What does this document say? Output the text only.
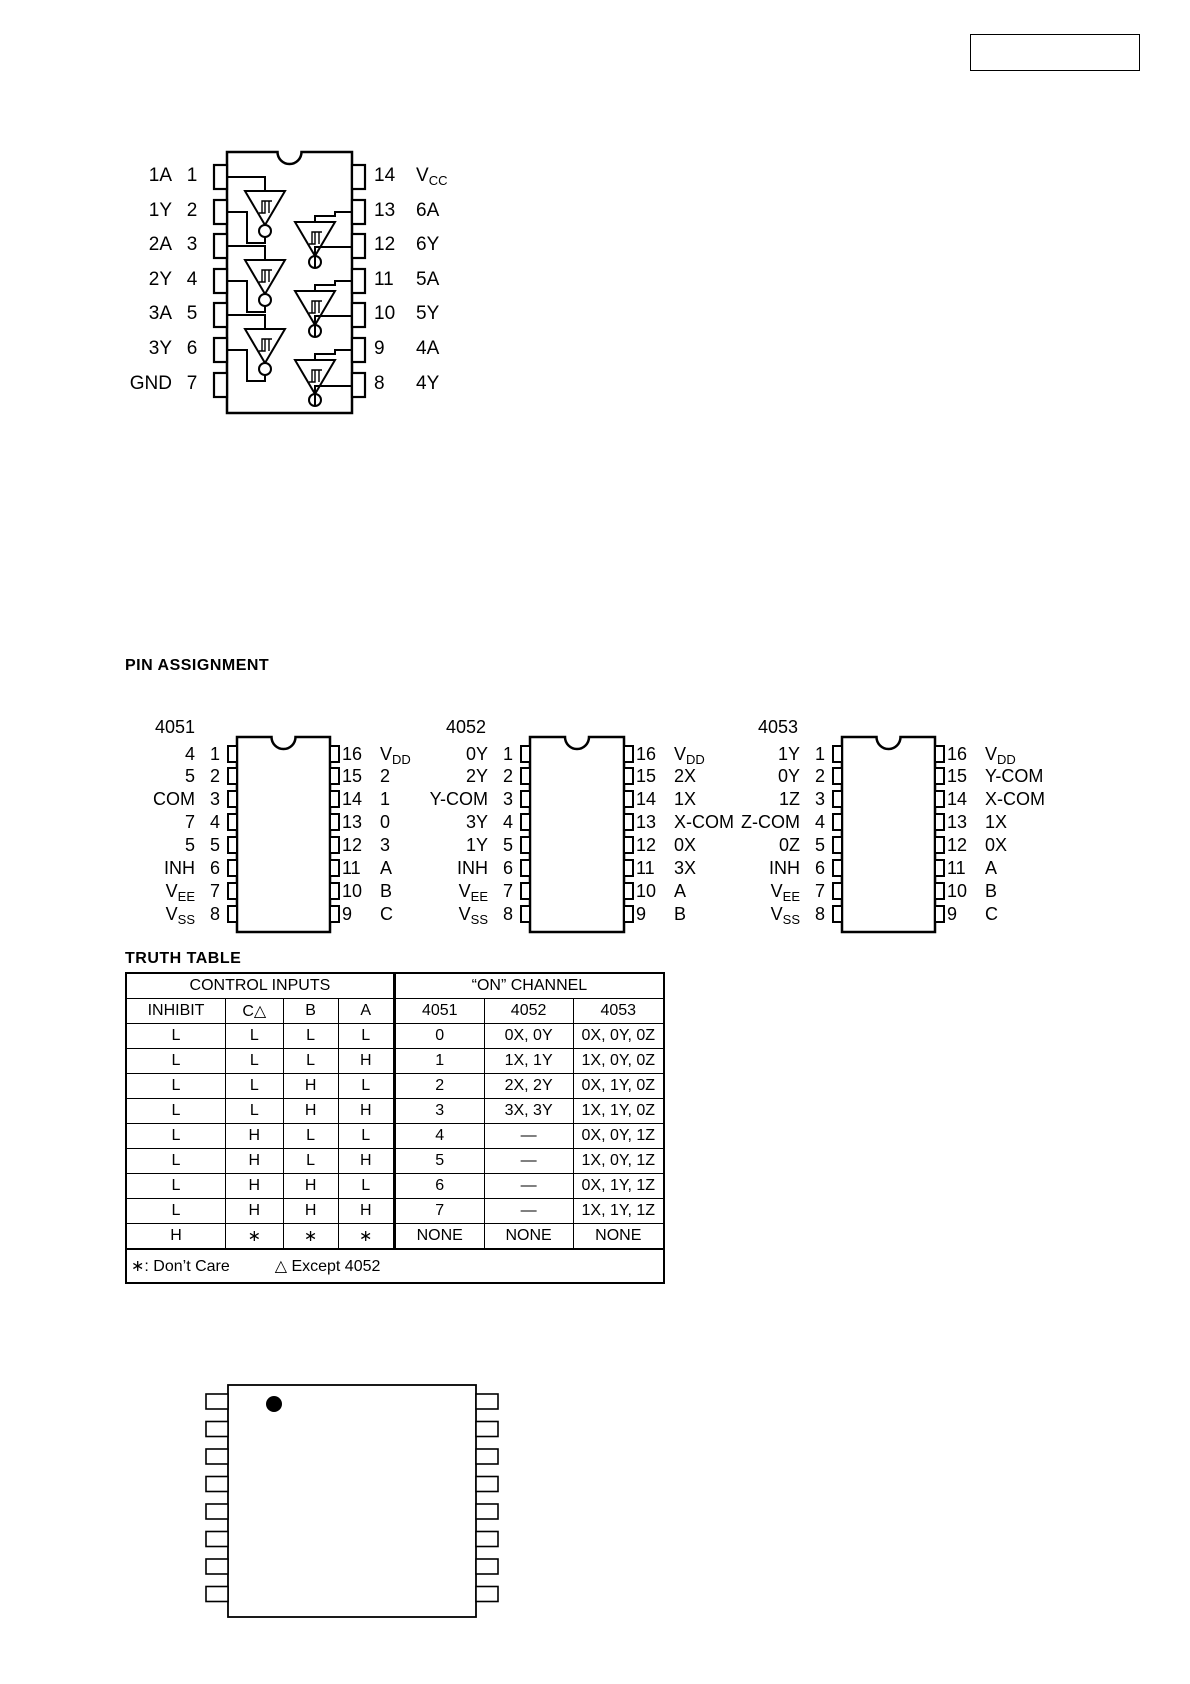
1A 1
1Y 2
2A 3
2Y 4
3A 5
3Y 6
GND 7
14 $V_{CC}$
13 6A
12 6Y
11 5A
10 5Y
9 4A
8 4Y
PIN ASSIGNMENT
4051
4 1
5 2
COM 3
7 4
5 5
INH 6
$V_{EE}$ 7
$V_{SS}$ 8
16 $V_{DD}$
15 2
14 1
13 0
12 3
11 A
10 B
9 C
4052
0Y 1
2Y 2
Y-COM 3
3Y 4
1Y 5
INH 6
$V_{EE}$ 7
$V_{SS}$ 8
16 $V_{DD}$
15 2X
14 1X
13 X-COM
12 0X
11 3X
10 A
9 B
4053
1Y 1
0Y 2
1Z 3
Z-COM 4
0Z 5
INH 6
$V_{EE}$ 7
$V_{SS}$ 8
16 $V_{DD}$
15 Y-COM
14 X-COM
13 1X
12 0X
11 A
10 B
9 C
TRUTH TABLE
CONTROL INPUTS				“ON” CHANNEL		
INHIBIT	C△	B	A	4051	4052	4053
L	L	L	L	0	0X, 0Y	0X, 0Y, 0Z
L	L	L	H	1	1X, 1Y	1X, 0Y, 0Z
L	L	H	L	2	2X, 2Y	0X, 1Y, 0Z
L	L	H	H	3	3X, 3Y	1X, 1Y, 0Z
L	H	L	L	4	—	0X, 0Y, 1Z
L	H	L	H	5	—	1X, 0Y, 1Z
L	H	H	L	6	—	0X, 1Y, 1Z
L	H	H	H	7	—	1X, 1Y, 1Z
H	∗	∗	∗	NONE	NONE	NONE
∗: Don’t Care △ Except 4052						
